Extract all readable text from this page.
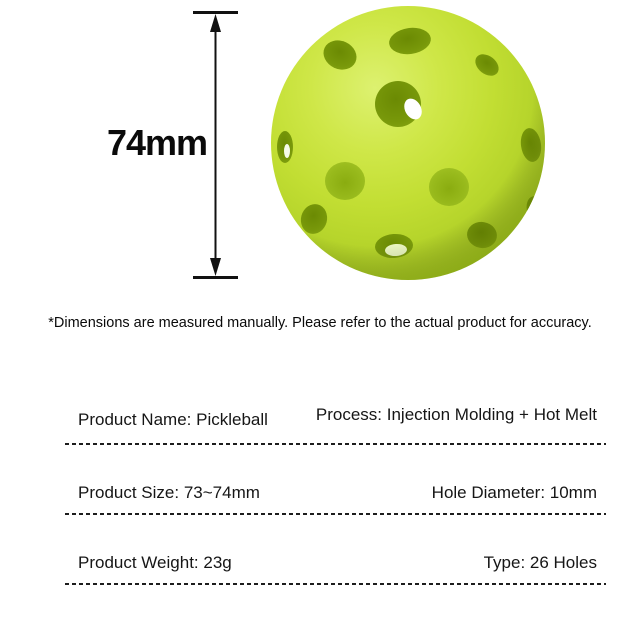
74mm
*Dimensions are measured manually. Please refer to the actual product for accuracy.
Product Name: Pickleball	Process: Injection Molding + Hot Melt
Product Size: 73~74mm	Hole Diameter: 10mm
Product Weight: 23g	Type: 26 Holes
